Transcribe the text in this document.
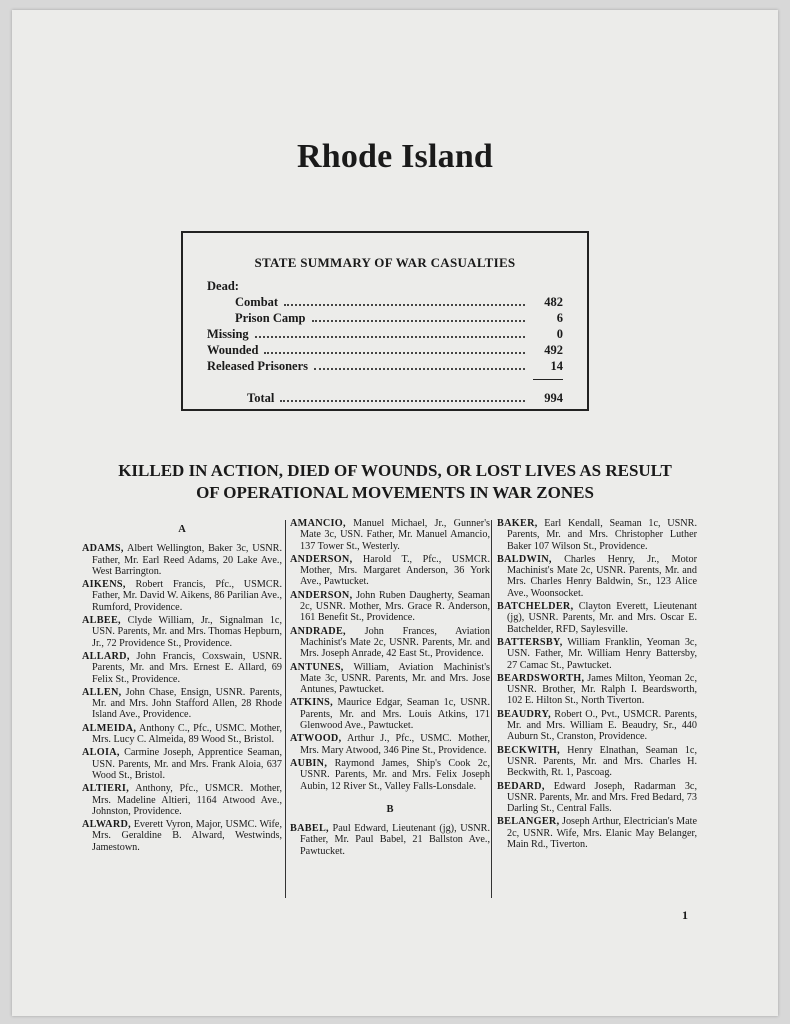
Rhode Island
STATE SUMMARY OF WAR CASUALTIES
Dead:
Combat	482
Prison Camp	6
Missing	0
Wounded	492
Released Prisoners	14
Total	994
KILLED IN ACTION, DIED OF WOUNDS, OR LOST LIVES AS RESULT
OF OPERATIONAL MOVEMENTS IN WAR ZONES
A
ADAMS, Albert Wellington, Baker 3c, USNR. Father, Mr. Earl Reed Adams, 20 Lake Ave., West Barrington.
AIKENS, Robert Francis, Pfc., USMCR. Father, Mr. David W. Aikens, 86 Parilian Ave., Rumford, Providence.
ALBEE, Clyde William, Jr., Signalman 1c, USN. Parents, Mr. and Mrs. Thomas Hepburn, Jr., 72 Providence St., Providence.
ALLARD, John Francis, Coxswain, USNR. Parents, Mr. and Mrs. Ernest E. Allard, 69 Felix St., Providence.
ALLEN, John Chase, Ensign, USNR. Parents, Mr. and Mrs. John Stafford Allen, 28 Rhode Island Ave., Providence.
ALMEIDA, Anthony C., Pfc., USMC. Mother, Mrs. Lucy C. Almeida, 89 Wood St., Bristol.
ALOIA, Carmine Joseph, Apprentice Seaman, USN. Parents, Mr. and Mrs. Frank Aloia, 637 Wood St., Bristol.
ALTIERI, Anthony, Pfc., USMCR. Mother, Mrs. Madeline Altieri, 1164 Atwood Ave., Johnston, Providence.
ALWARD, Everett Vyron, Major, USMC. Wife, Mrs. Geraldine B. Alward, Westwinds, Jamestown.
AMANCIO, Manuel Michael, Jr., Gunner's Mate 3c, USN. Father, Mr. Manuel Amancio, 137 Tower St., Westerly.
ANDERSON, Harold T., Pfc., USMCR. Mother, Mrs. Margaret Anderson, 36 York Ave., Pawtucket.
ANDERSON, John Ruben Daugherty, Seaman 2c, USNR. Mother, Mrs. Grace R. Anderson, 161 Benefit St., Providence.
ANDRADE, John Frances, Aviation Machinist's Mate 2c, USNR. Parents, Mr. and Mrs. Joseph Anrade, 42 East St., Providence.
ANTUNES, William, Aviation Machinist's Mate 3c, USNR. Parents, Mr. and Mrs. Jose Antunes, Pawtucket.
ATKINS, Maurice Edgar, Seaman 1c, USNR. Parents, Mr. and Mrs. Louis Atkins, 171 Glenwood Ave., Pawtucket.
ATWOOD, Arthur J., Pfc., USMC. Mother, Mrs. Mary Atwood, 346 Pine St., Providence.
AUBIN, Raymond James, Ship's Cook 2c, USNR. Parents, Mr. and Mrs. Felix Joseph Aubin, 12 River St., Valley Falls-Lonsdale.
B
BABEL, Paul Edward, Lieutenant (jg), USNR. Father, Mr. Paul Babel, 21 Ballston Ave., Pawtucket.
BAKER, Earl Kendall, Seaman 1c, USNR. Parents, Mr. and Mrs. Christopher Luther Baker 107 Wilson St., Providence.
BALDWIN, Charles Henry, Jr., Motor Machinist's Mate 2c, USNR. Parents, Mr. and Mrs. Charles Henry Baldwin, Sr., 123 Alice Ave., Woonsocket.
BATCHELDER, Clayton Everett, Lieutenant (jg), USNR. Parents, Mr. and Mrs. Oscar E. Batchelder, RFD, Saylesville.
BATTERSBY, William Franklin, Yeoman 3c, USN. Father, Mr. William Henry Battersby, 27 Camac St., Pawtucket.
BEARDSWORTH, James Milton, Yeoman 2c, USNR. Brother, Mr. Ralph I. Beardsworth, 102 E. Hilton St., North Tiverton.
BEAUDRY, Robert O., Pvt., USMCR. Parents, Mr. and Mrs. William E. Beaudry, Sr., 440 Auburn St., Cranston, Providence.
BECKWITH, Henry Elnathan, Seaman 1c, USNR. Parents, Mr. and Mrs. Charles H. Beckwith, Rt. 1, Pascoag.
BEDARD, Edward Joseph, Radarman 3c, USNR. Parents, Mr. and Mrs. Fred Bedard, 73 Darling St., Central Falls.
BELANGER, Joseph Arthur, Electrician's Mate 2c, USNR. Wife, Mrs. Elanic May Belanger, Main Rd., Tiverton.
1
